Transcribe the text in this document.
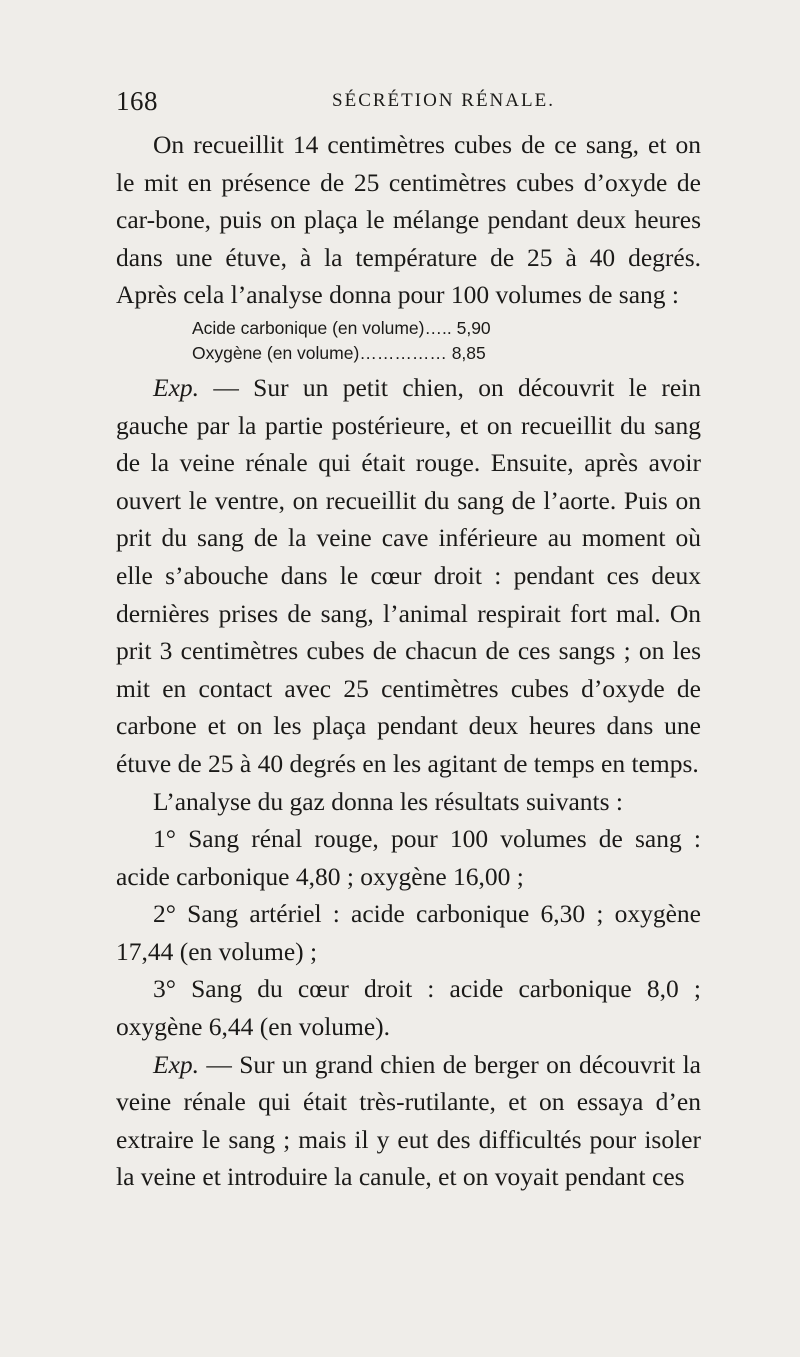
168	SÉCRÉTION RÉNALE.

On recueillit 14 centimètres cubes de ce sang, et on le mit en présence de 25 centimètres cubes d’oxyde de car-bone, puis on plaça le mélange pendant deux heures dans une étuve, à la température de 25 à 40 degrés. Après cela l’analyse donna pour 100 volumes de sang :

Acide carbonique (en volume)….. 5,90
Oxygène (en volume)…………… 8,85

Exp. — Sur un petit chien, on découvrit le rein gauche par la partie postérieure, et on recueillit du sang de la veine rénale qui était rouge. Ensuite, après avoir ouvert le ventre, on recueillit du sang de l’aorte. Puis on prit du sang de la veine cave inférieure au moment où elle s’abouche dans le cœur droit : pendant ces deux dernières prises de sang, l’animal respirait fort mal. On prit 3 centimètres cubes de chacun de ces sangs ; on les mit en contact avec 25 centimètres cubes d’oxyde de carbone et on les plaça pendant deux heures dans une étuve de 25 à 40 degrés en les agitant de temps en temps.

L’analyse du gaz donna les résultats suivants :

1° Sang rénal rouge, pour 100 volumes de sang : acide carbonique 4,80 ; oxygène 16,00 ;

2° Sang artériel : acide carbonique 6,30 ; oxygène 17,44 (en volume) ;

3° Sang du cœur droit : acide carbonique 8,0 ; oxygène 6,44 (en volume).

Exp. — Sur un grand chien de berger on découvrit la veine rénale qui était très-rutilante, et on essaya d’en extraire le sang ; mais il y eut des difficultés pour isoler la veine et introduire la canule, et on voyait pendant ces
